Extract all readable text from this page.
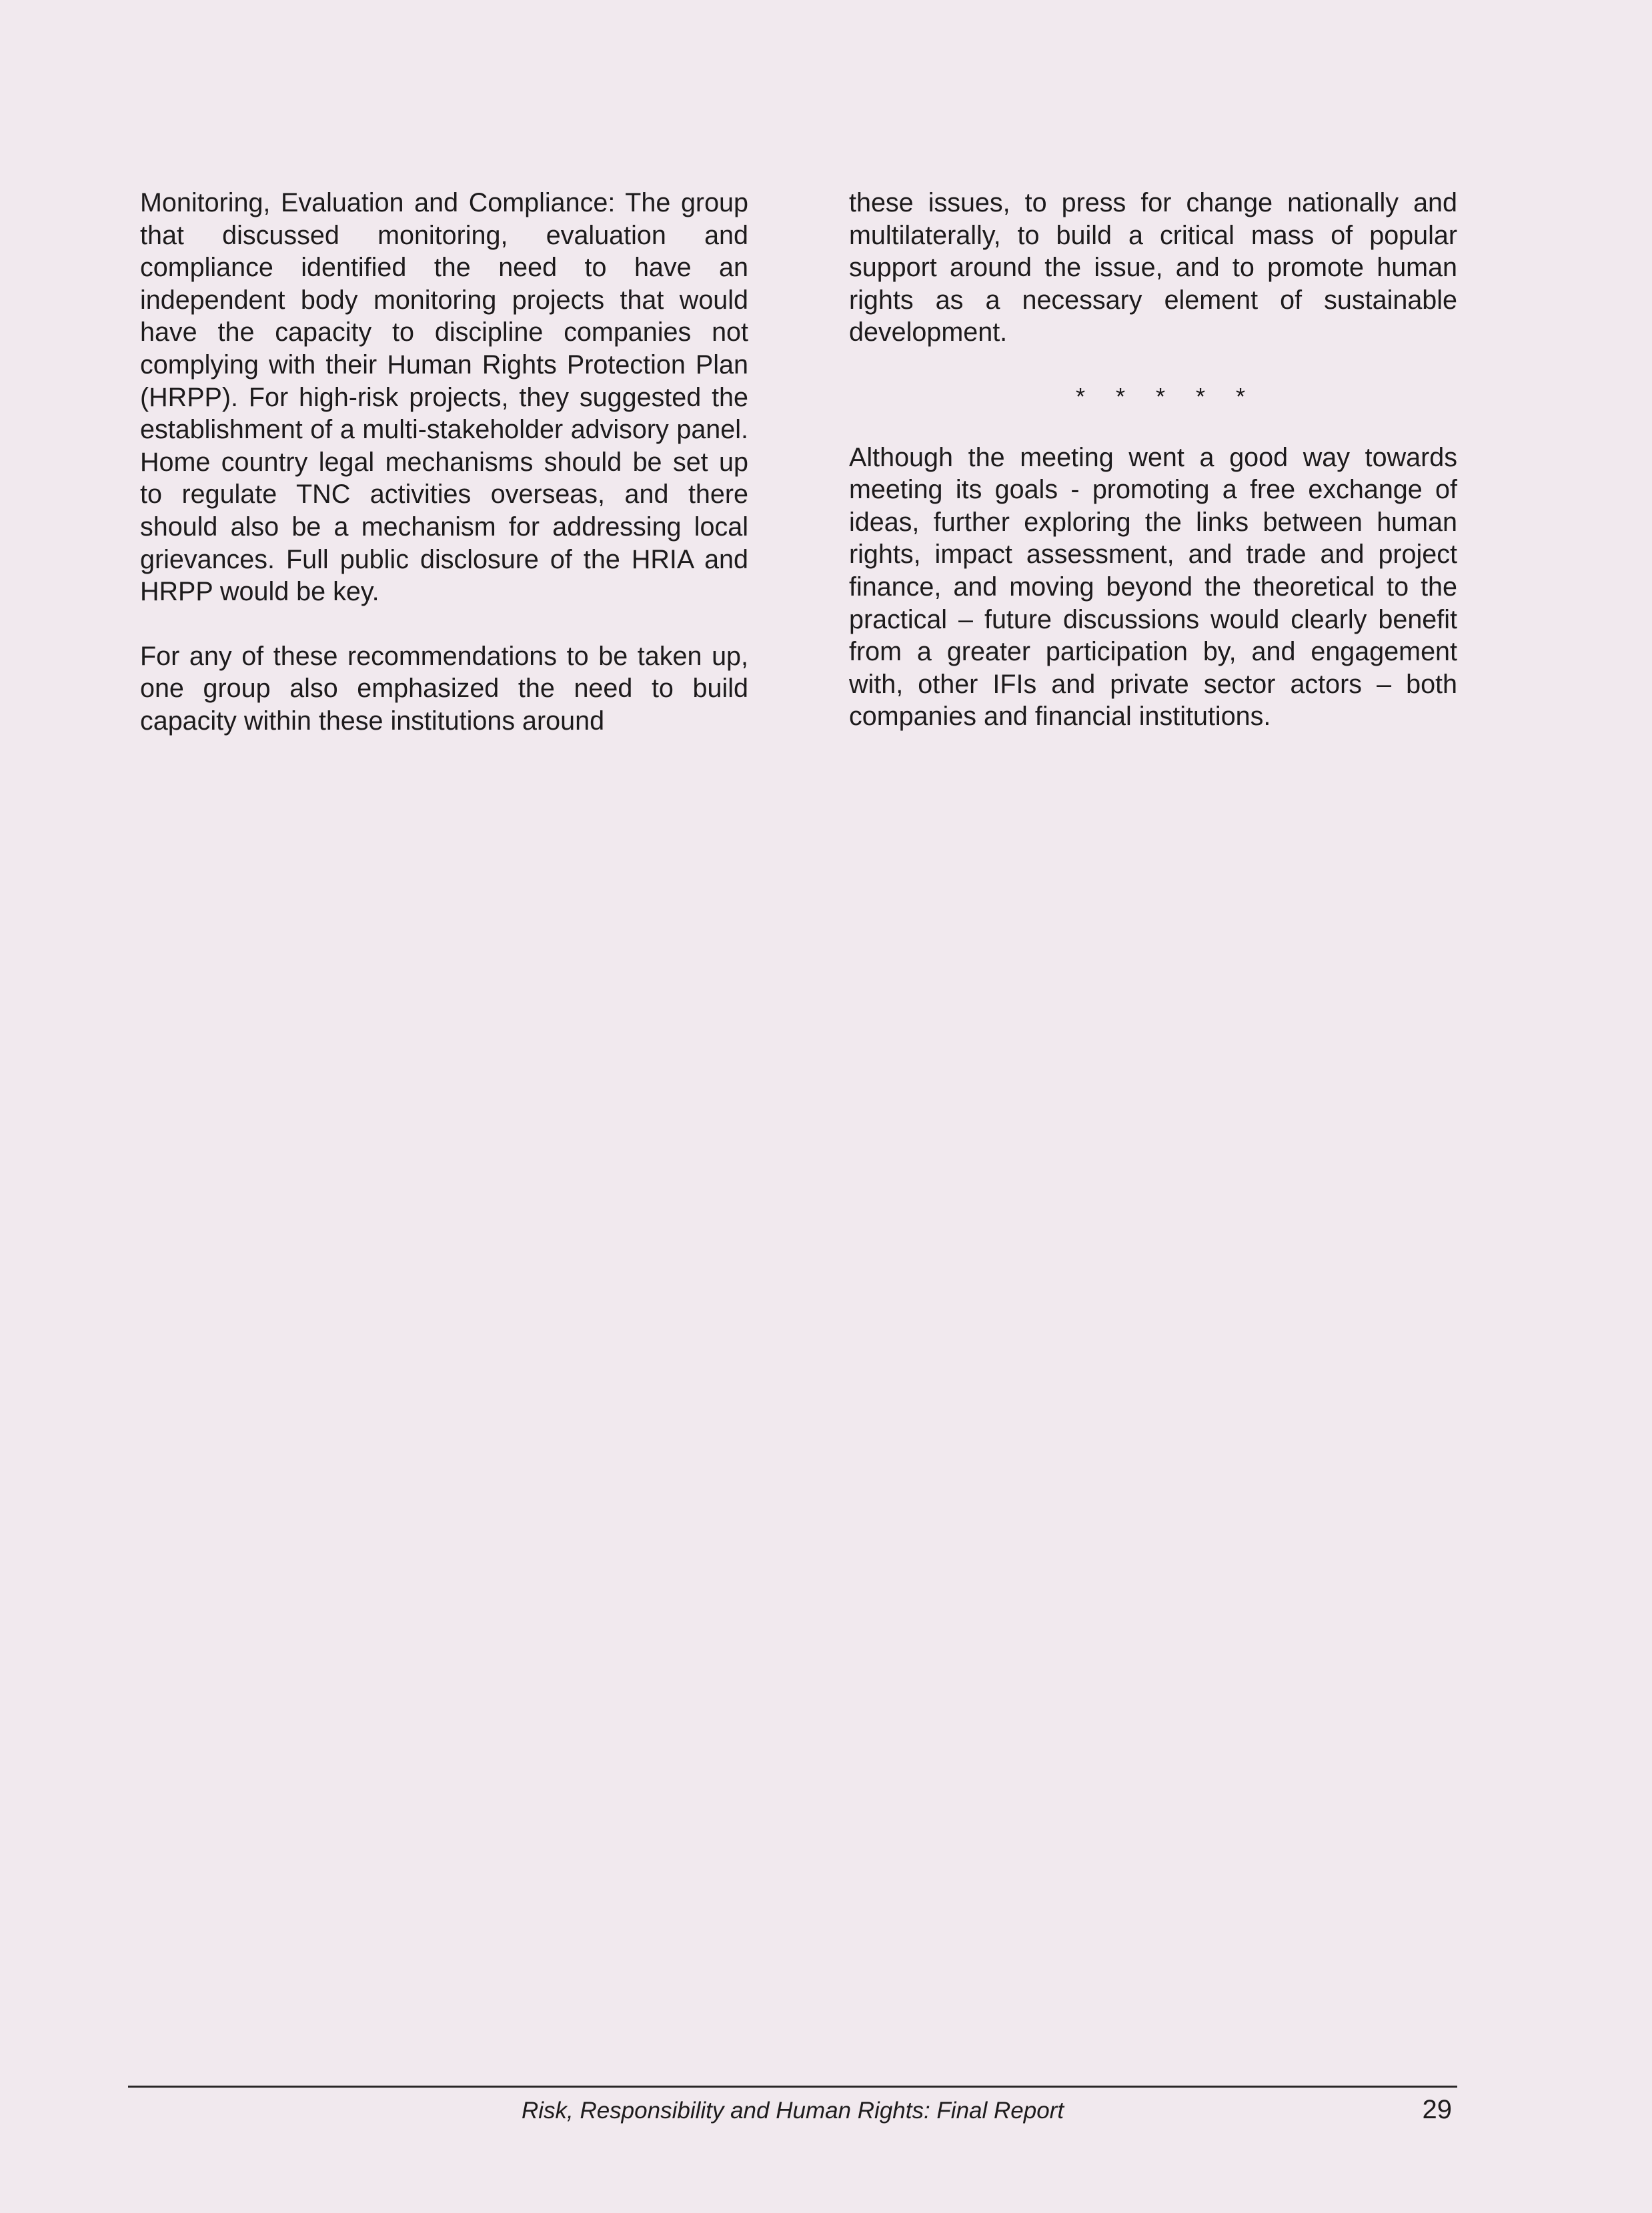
Monitoring, Evaluation and Compliance: The group that discussed monitoring, evaluation and compliance identified the need to have an independent body monitoring projects that would have the capacity to discipline companies not complying with their Human Rights Protection Plan (HRPP). For high-risk projects, they suggested the establishment of a multi-stakeholder advisory panel. Home country legal mechanisms should be set up to regulate TNC activities overseas, and there should also be a mechanism for addressing local grievances. Full public disclosure of the HRIA and HRPP would be key.

For any of these recommendations to be taken up, one group also emphasized the need to build capacity within these institutions around

these issues, to press for change nationally and multilaterally, to build a critical mass of popular support around the issue, and to promote human rights as a necessary element of sustainable development.

* * * * *

Although the meeting went a good way towards meeting its goals - promoting a free exchange of ideas, further exploring the links between human rights, impact assessment, and trade and project finance, and moving beyond the theoretical to the practical – future discussions would clearly benefit from a greater participation by, and engagement with, other IFIs and private sector actors – both companies and financial institutions.

Risk, Responsibility and Human Rights: Final Report	29
